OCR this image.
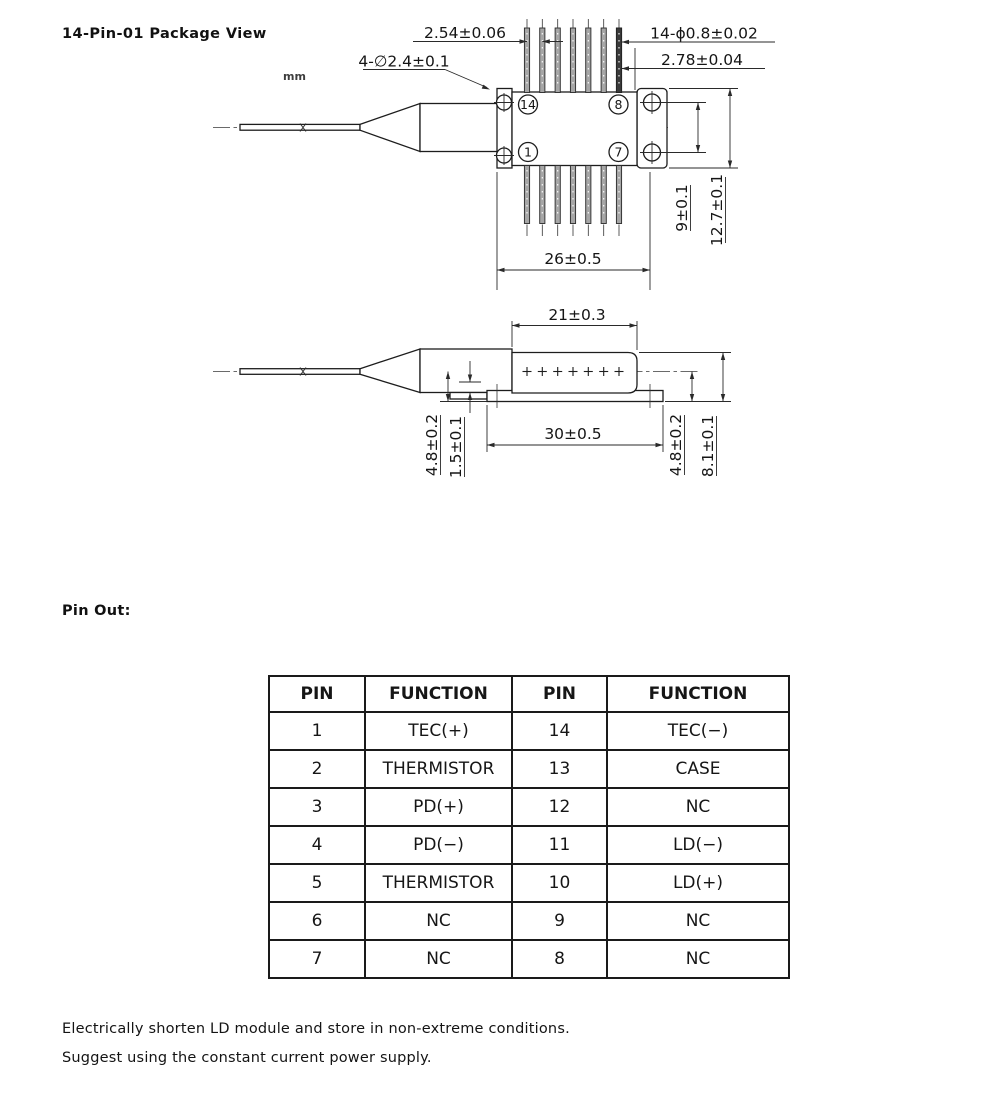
14-Pin-01 Package View
mm
14	8
1	7
2.54±0.06	14-ϕ0.8±0.02
2.78±0.04
4-∅2.4±0.1
9±0.1 12.7±0.1
26±0.5
21±0.3
30±0.5
4.8±0.2 1.5±0.1	4.8±0.2 8.1±0.1
Pin Out:
PIN	FUNCTION	PIN	FUNCTION
1	TEC(+)	14	TEC(−)
2	THERMISTOR	13	CASE
3	PD(+)	12	NC
4	PD(−)	11	LD(−)
5	THERMISTOR	10	LD(+)
6	NC	9	NC
7	NC	8	NC
Electrically shorten LD module and store in non-extreme conditions.
Suggest using the constant current power supply.
